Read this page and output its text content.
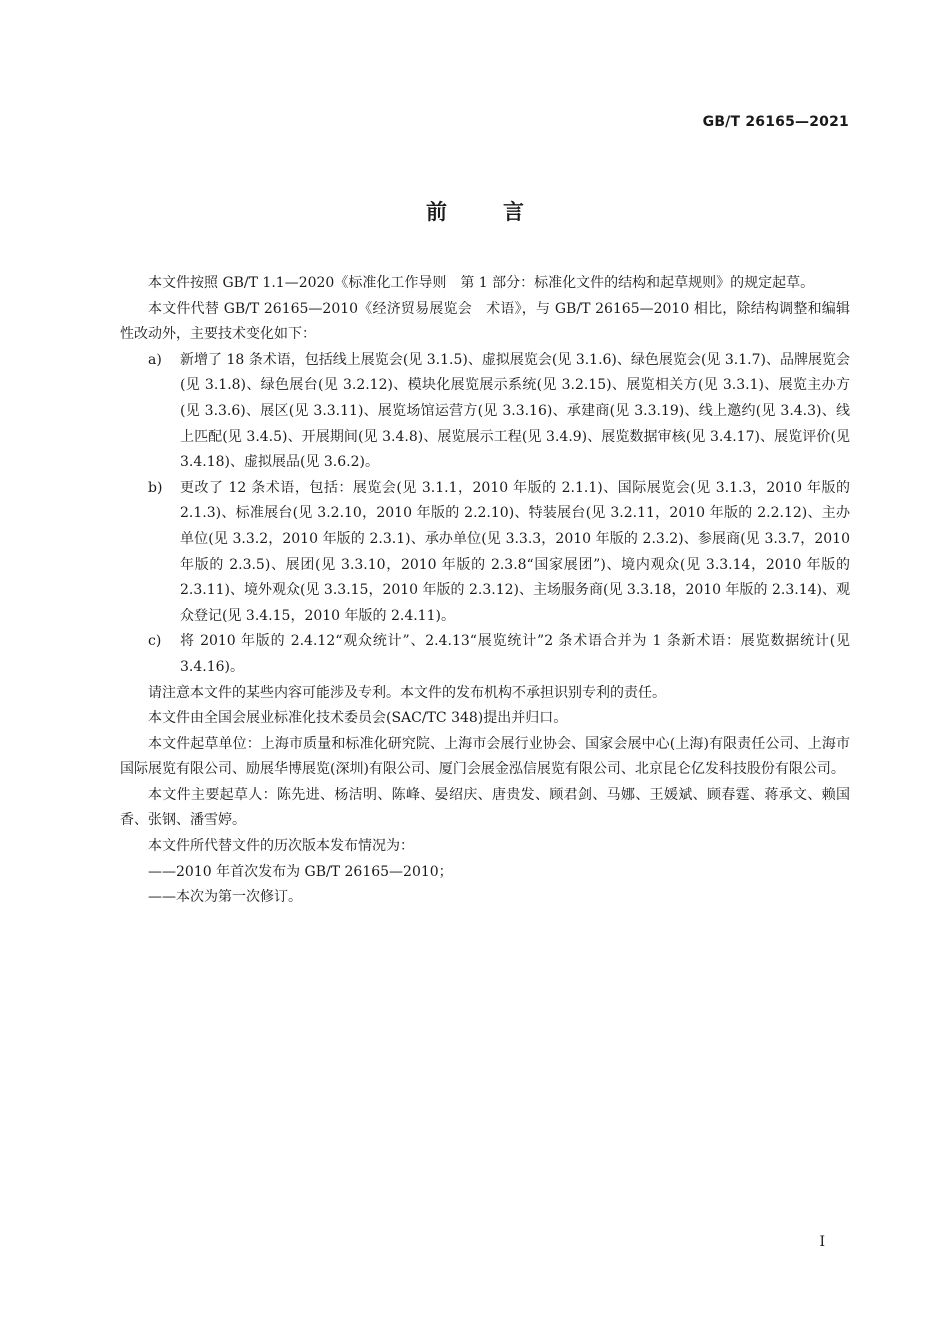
GB/T 26165—2021
前言

本文件按照 GB/T 1.1—2020《标准化工作导则　第 1 部分：标准化文件的结构和起草规则》的规定起草。

本文件代替 GB/T 26165—2010《经济贸易展览会　术语》，与 GB/T 26165—2010 相比，除结构调整和编辑性改动外，主要技术变化如下：

a) 新增了 18 条术语，包括线上展览会(见 3.1.5)、虚拟展览会(见 3.1.6)、绿色展览会(见 3.1.7)、品牌展览会(见 3.1.8)、绿色展台(见 3.2.12)、模块化展览展示系统(见 3.2.15)、展览相关方(见 3.3.1)、展览主办方(见 3.3.6)、展区(见 3.3.11)、展览场馆运营方(见 3.3.16)、承建商(见 3.3.19)、线上邀约(见 3.4.3)、线上匹配(见 3.4.5)、开展期间(见 3.4.8)、展览展示工程(见 3.4.9)、展览数据审核(见 3.4.17)、展览评价(见 3.4.18)、虚拟展品(见 3.6.2)。
b) 更改了 12 条术语，包括：展览会(见 3.1.1，2010 年版的 2.1.1)、国际展览会(见 3.1.3，2010 年版的 2.1.3)、标准展台(见 3.2.10，2010 年版的 2.2.10)、特装展台(见 3.2.11，2010 年版的 2.2.12)、主办单位(见 3.3.2，2010 年版的 2.3.1)、承办单位(见 3.3.3，2010 年版的 2.3.2)、参展商(见 3.3.7，2010 年版的 2.3.5)、展团(见 3.3.10，2010 年版的 2.3.8“国家展团”)、境内观众(见 3.3.14，2010 年版的 2.3.11)、境外观众(见 3.3.15，2010 年版的 2.3.12)、主场服务商(见 3.3.18，2010 年版的 2.3.14)、观众登记(见 3.4.15，2010 年版的 2.4.11)。
c) 将 2010 年版的 2.4.12“观众统计”、2.4.13“展览统计”2 条术语合并为 1 条新术语：展览数据统计(见 3.4.16)。

请注意本文件的某些内容可能涉及专利。本文件的发布机构不承担识别专利的责任。

本文件由全国会展业标准化技术委员会(SAC/TC 348)提出并归口。

本文件起草单位：上海市质量和标准化研究院、上海市会展行业协会、国家会展中心(上海)有限责任公司、上海市国际展览有限公司、励展华博展览(深圳)有限公司、厦门会展金泓信展览有限公司、北京昆仑亿发科技股份有限公司。

本文件主要起草人：陈先进、杨洁明、陈峰、晏绍庆、唐贵发、顾君剑、马娜、王媛斌、顾春霆、蒋承文、赖国香、张钢、潘雪婷。

本文件所代替文件的历次版本发布情况为：

——2010 年首次发布为 GB/T 26165—2010；

——本次为第一次修订。

I
